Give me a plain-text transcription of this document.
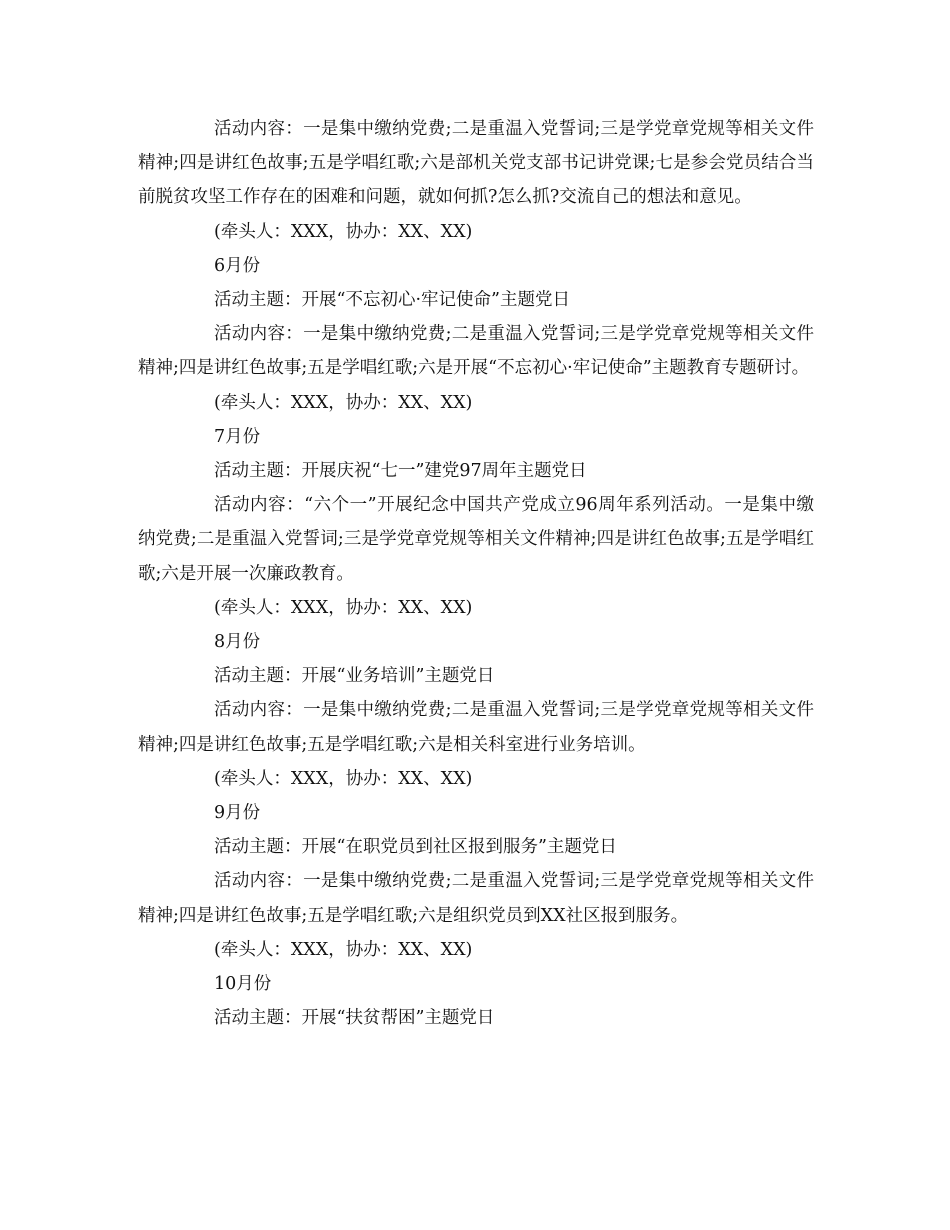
活动内容：一是集中缴纳党费;二是重温入党誓词;三是学党章党规等相关文件精神;四是讲红色故事;五是学唱红歌;六是部机关党支部书记讲党课;七是参会党员结合当前脱贫攻坚工作存在的困难和问题，就如何抓?怎么抓?交流自己的想法和意见。

(牵头人：XXX，协办：XX、XX)

6月份

活动主题：开展“不忘初心·牢记使命”主题党日

活动内容：一是集中缴纳党费;二是重温入党誓词;三是学党章党规等相关文件精神;四是讲红色故事;五是学唱红歌;六是开展“不忘初心·牢记使命”主题教育专题研讨。

(牵头人：XXX，协办：XX、XX)

7月份

活动主题：开展庆祝“七一”建党97周年主题党日

活动内容：“六个一”开展纪念中国共产党成立96周年系列活动。一是集中缴纳党费;二是重温入党誓词;三是学党章党规等相关文件精神;四是讲红色故事;五是学唱红歌;六是开展一次廉政教育。

(牵头人：XXX，协办：XX、XX)

8月份

活动主题：开展“业务培训”主题党日

活动内容：一是集中缴纳党费;二是重温入党誓词;三是学党章党规等相关文件精神;四是讲红色故事;五是学唱红歌;六是相关科室进行业务培训。

(牵头人：XXX，协办：XX、XX)

9月份

活动主题：开展“在职党员到社区报到服务”主题党日

活动内容：一是集中缴纳党费;二是重温入党誓词;三是学党章党规等相关文件精神;四是讲红色故事;五是学唱红歌;六是组织党员到XX社区报到服务。

(牵头人：XXX，协办：XX、XX)

10月份

活动主题：开展“扶贫帮困”主题党日
